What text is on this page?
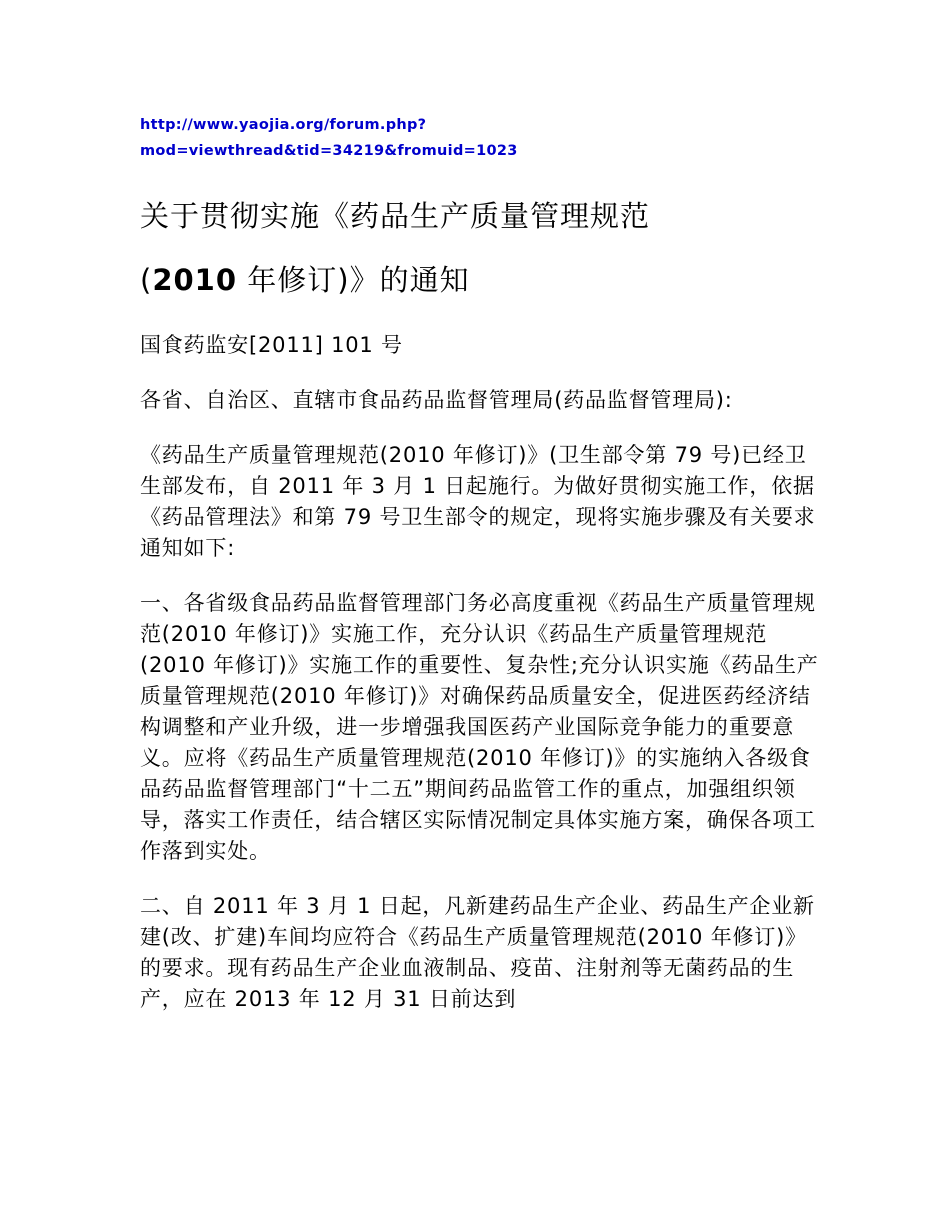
http://www.yaojia.org/forum.php?
mod=viewthread&tid=34219&fromuid=1023
关于贯彻实施《药品生产质量管理规范
(2010 年修订)》的通知

国食药监安[2011] 101 号

各省、自治区、直辖市食品药品监督管理局(药品监督管理局):

《药品生产质量管理规范(2010 年修订)》(卫生部令第 79 号)已经卫生部发布，自 2011 年 3 月 1 日起施行。为做好贯彻实施工作，依据《药品管理法》和第 79 号卫生部令的规定，现将实施步骤及有关要求通知如下:

一、各省级食品药品监督管理部门务必高度重视《药品生产质量管理规范(2010 年修订)》实施工作，充分认识《药品生产质量管理规范(2010 年修订)》实施工作的重要性、复杂性;充分认识实施《药品生产质量管理规范(2010 年修订)》对确保药品质量安全，促进医药经济结构调整和产业升级，进一步增强我国医药产业国际竞争能力的重要意义。应将《药品生产质量管理规范(2010 年修订)》的实施纳入各级食品药品监督管理部门“十二五”期间药品监管工作的重点，加强组织领导，落实工作责任，结合辖区实际情况制定具体实施方案，确保各项工作落到实处。

二、自 2011 年 3 月 1 日起，凡新建药品生产企业、药品生产企业新建(改、扩建)车间均应符合《药品生产质量管理规范(2010 年修订)》的要求。现有药品生产企业血液制品、疫苗、注射剂等无菌药品的生产，应在 2013 年 12 月 31 日前达到
